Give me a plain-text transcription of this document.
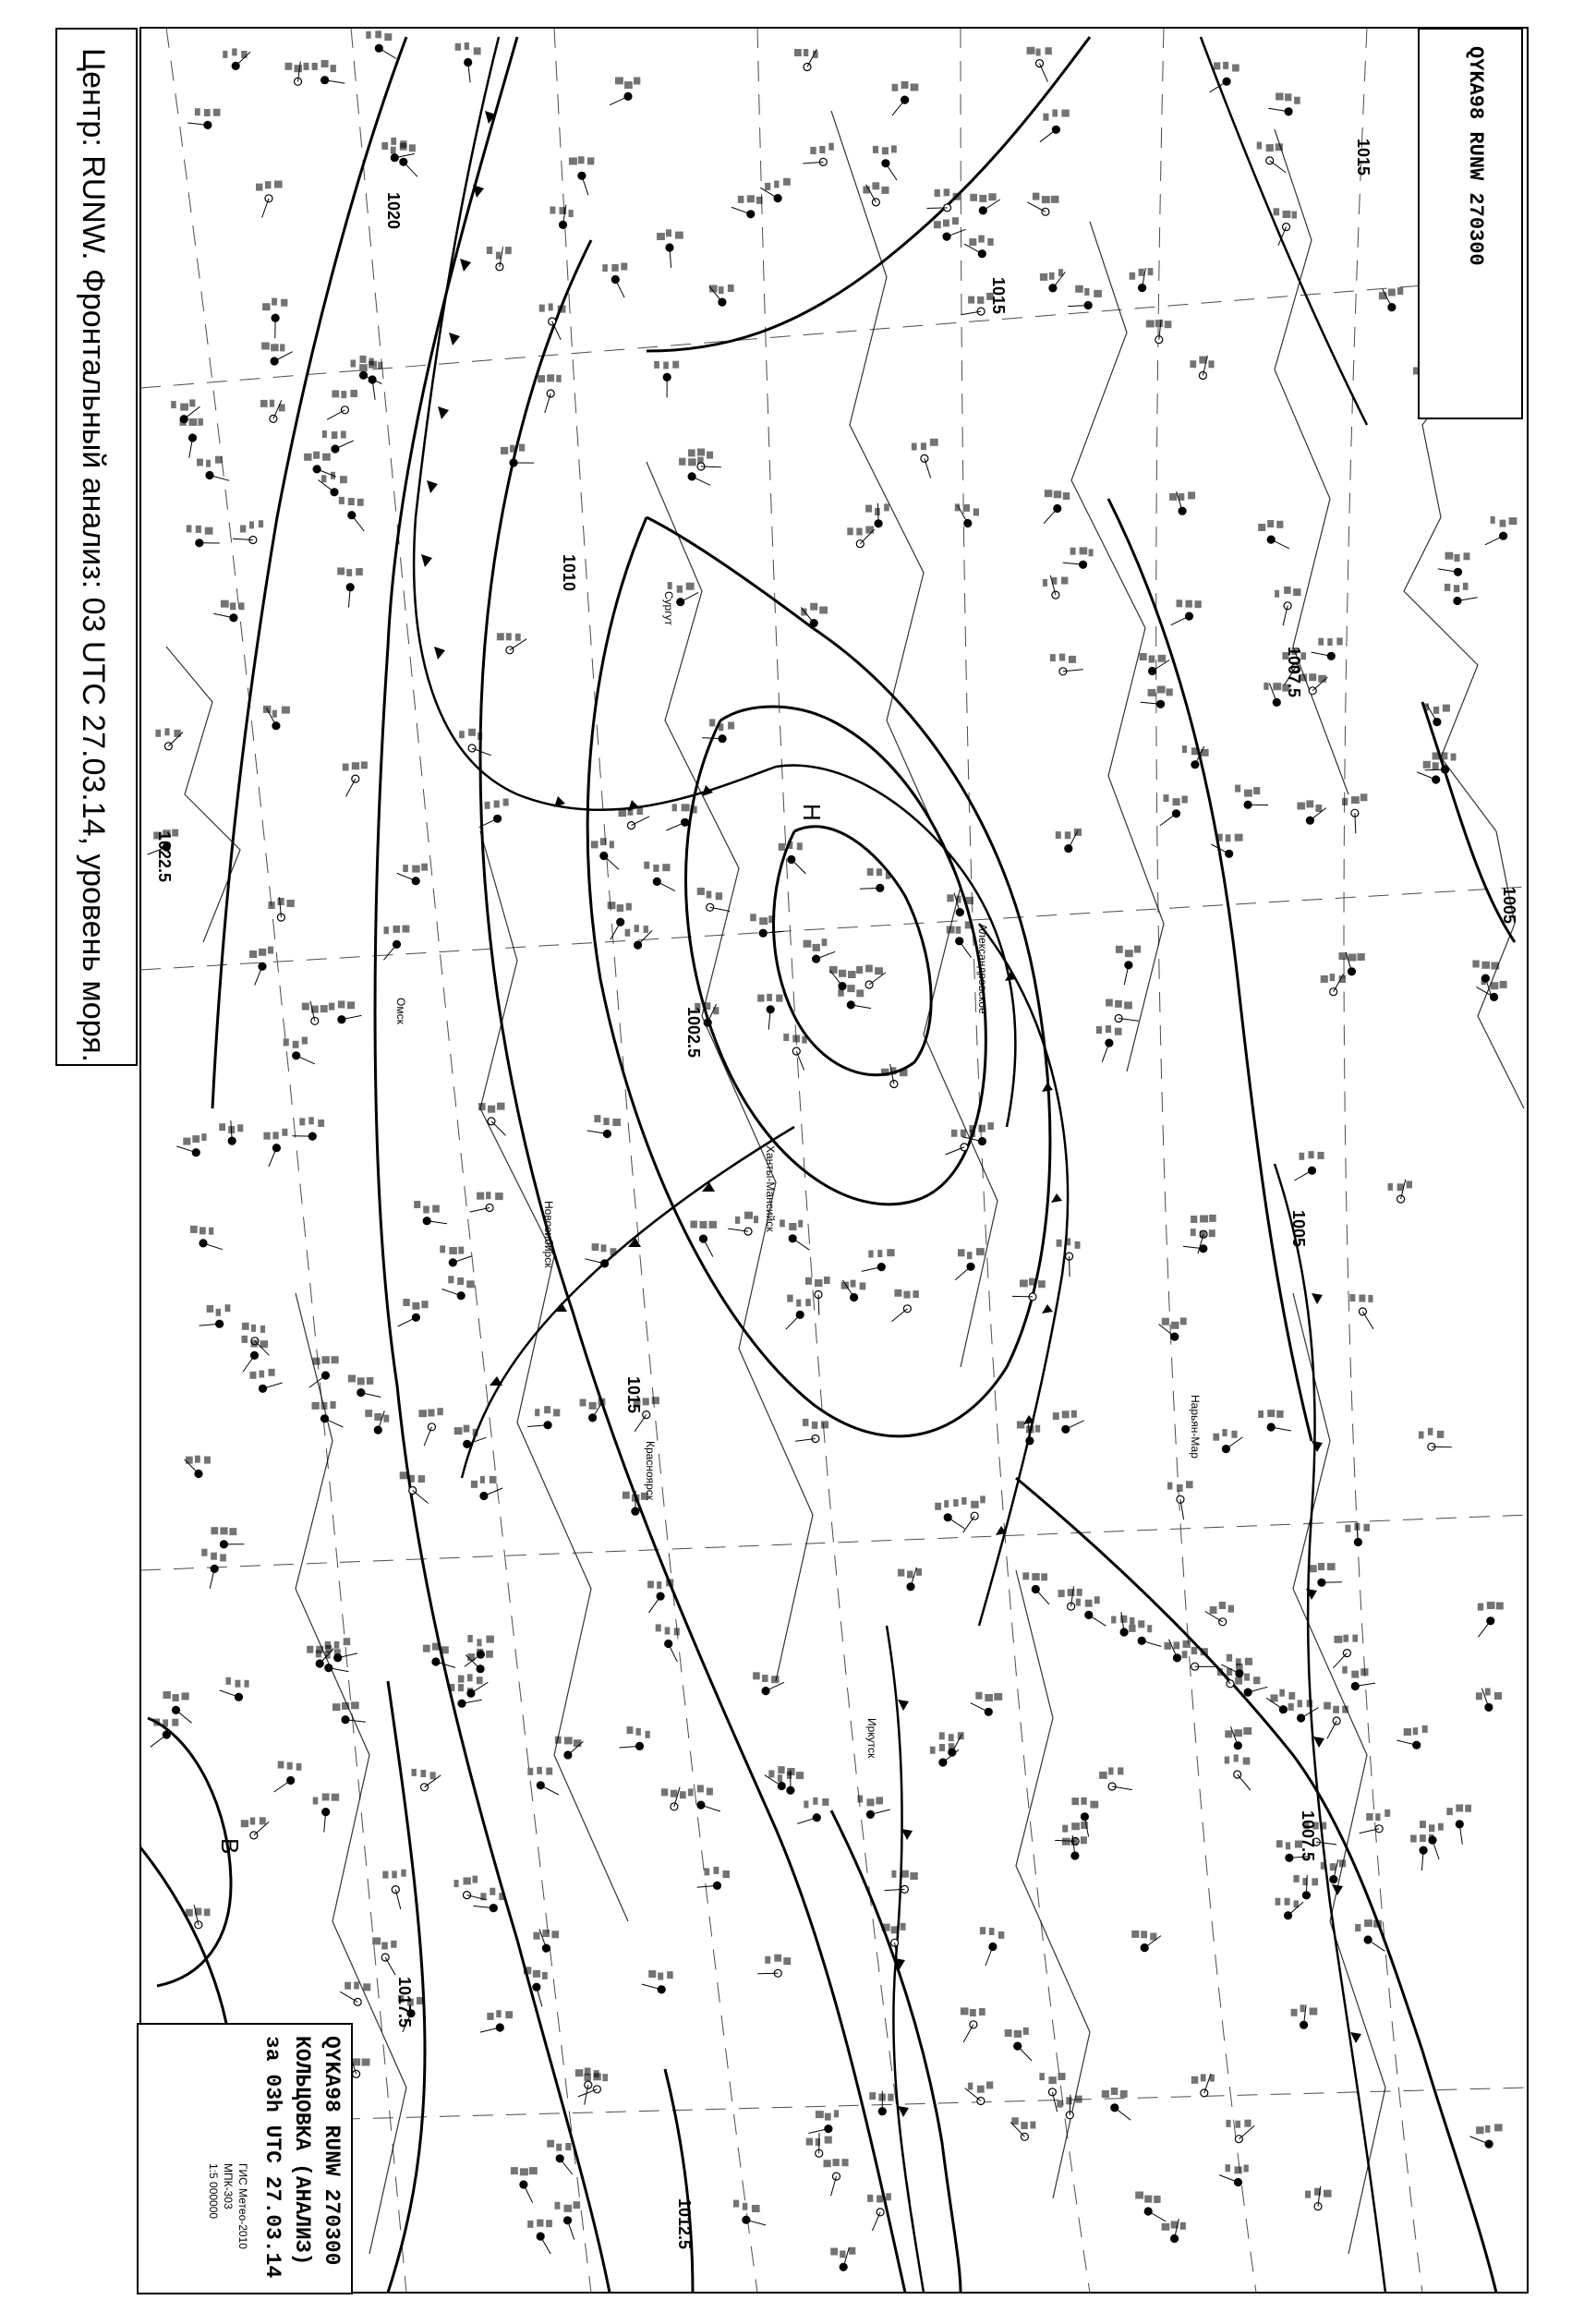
1020
1015
1015
1015
1010
1005
1005
1007.5
1007.5
1002.5
1017.5
1022.5
1012.5
Н
В
Нарьян-Мар
Александровское
Ханты-Мансийск
Сургут
Новосибирск
Красноярск
Иркутск
Омск
Центр: RUNW. Фронтальный анализ: 03 UTC 27.03.14, уровень моря.	QYKA98 RUNW 270300
QYKA98 RUNW 270300
КОЛЬЦОВКА (АНАЛИЗ)
за 03h UTC 27.03.14
ГИС Метео-2010
МПК-303
1:5 000000
